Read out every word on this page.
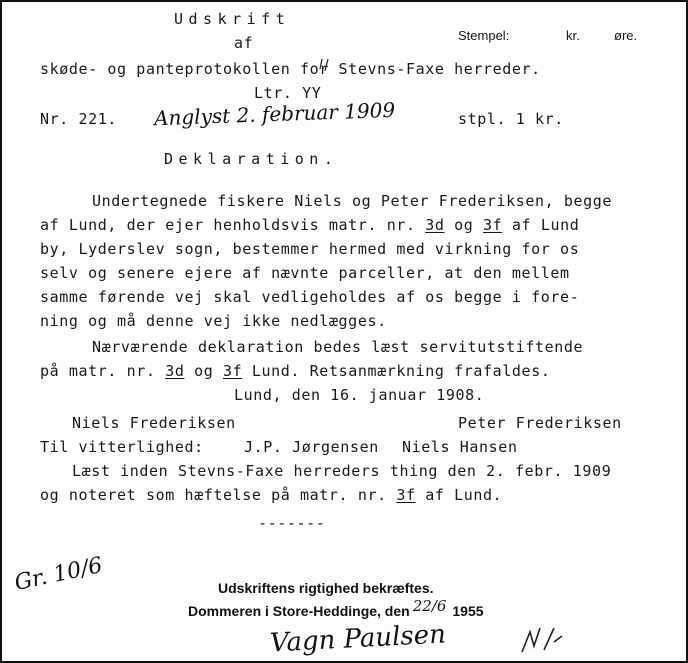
Udskrift
af
skøde- og panteprotokollen for Stevns-Faxe herreder.
Stempel:	kr.	øre.
Ltr. YY
Nr. 221. Anglyst 2. februar 1909	stpl. 1 kr.
Deklaration.
Undertegnede fiskere Niels og Peter Frederiksen, begge
af Lund, der ejer henholdsvis matr. nr. 3d og 3f af Lund
by, Lyderslev sogn, bestemmer hermed med virkning for os
selv og senere ejere af nævnte parceller, at den mellem
samme førende vej skal vedligeholdes af os begge i fore-
ning og må denne vej ikke nedlægges.
Nærværende deklaration bedes læst servitutstiftende
på matr. nr. 3d og 3f Lund. Retsanmærkning frafaldes.
Lund, den 16. januar 1908.
Niels Frederiksen	Peter Frederiksen
Til vitterlighed:	J.P. Jørgensen Niels Hansen
Læst inden Stevns-Faxe herreders thing den 2. febr. 1909
og noteret som hæftelse på matr. nr. 3f af Lund.
-------
Gr. 10/6	Udskriftens rigtighed bekræftes.
Dommeren i Store-Heddinge, den 22/6 1955
Vagn Paulsen
